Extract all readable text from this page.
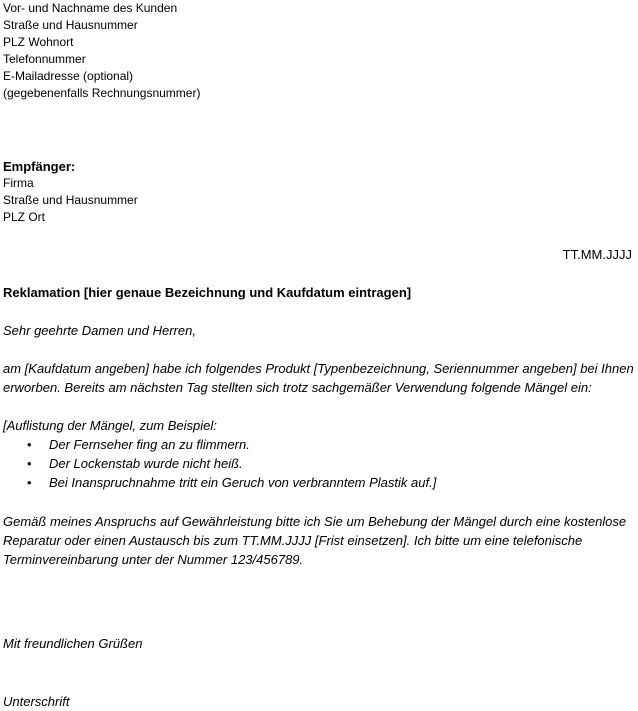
Vor- und Nachname des Kunden
Straße und Hausnummer
PLZ Wohnort
Telefonnummer
E-Mailadresse (optional)
(gegebenenfalls Rechnungsnummer)
Empfänger:
Firma
Straße und Hausnummer
PLZ Ort
TT.MM.JJJJ
Reklamation [hier genaue Bezeichnung und Kaufdatum eintragen]
Sehr geehrte Damen und Herren,
am [Kaufdatum angeben] habe ich folgendes Produkt [Typenbezeichnung, Seriennummer angeben] bei Ihnen
erworben. Bereits am nächsten Tag stellten sich trotz sachgemäßer Verwendung folgende Mängel ein:
[Auflistung der Mängel, zum Beispiel:
• Der Fernseher fing an zu flimmern.
• Der Lockenstab wurde nicht heiß.
• Bei Inanspruchnahme tritt ein Geruch von verbranntem Plastik auf.]
Gemäß meines Anspruchs auf Gewährleistung bitte ich Sie um Behebung der Mängel durch eine kostenlose
Reparatur oder einen Austausch bis zum TT.MM.JJJJ [Frist einsetzen]. Ich bitte um eine telefonische
Terminvereinbarung unter der Nummer 123/456789.
Mit freundlichen Grüßen
Unterschrift
